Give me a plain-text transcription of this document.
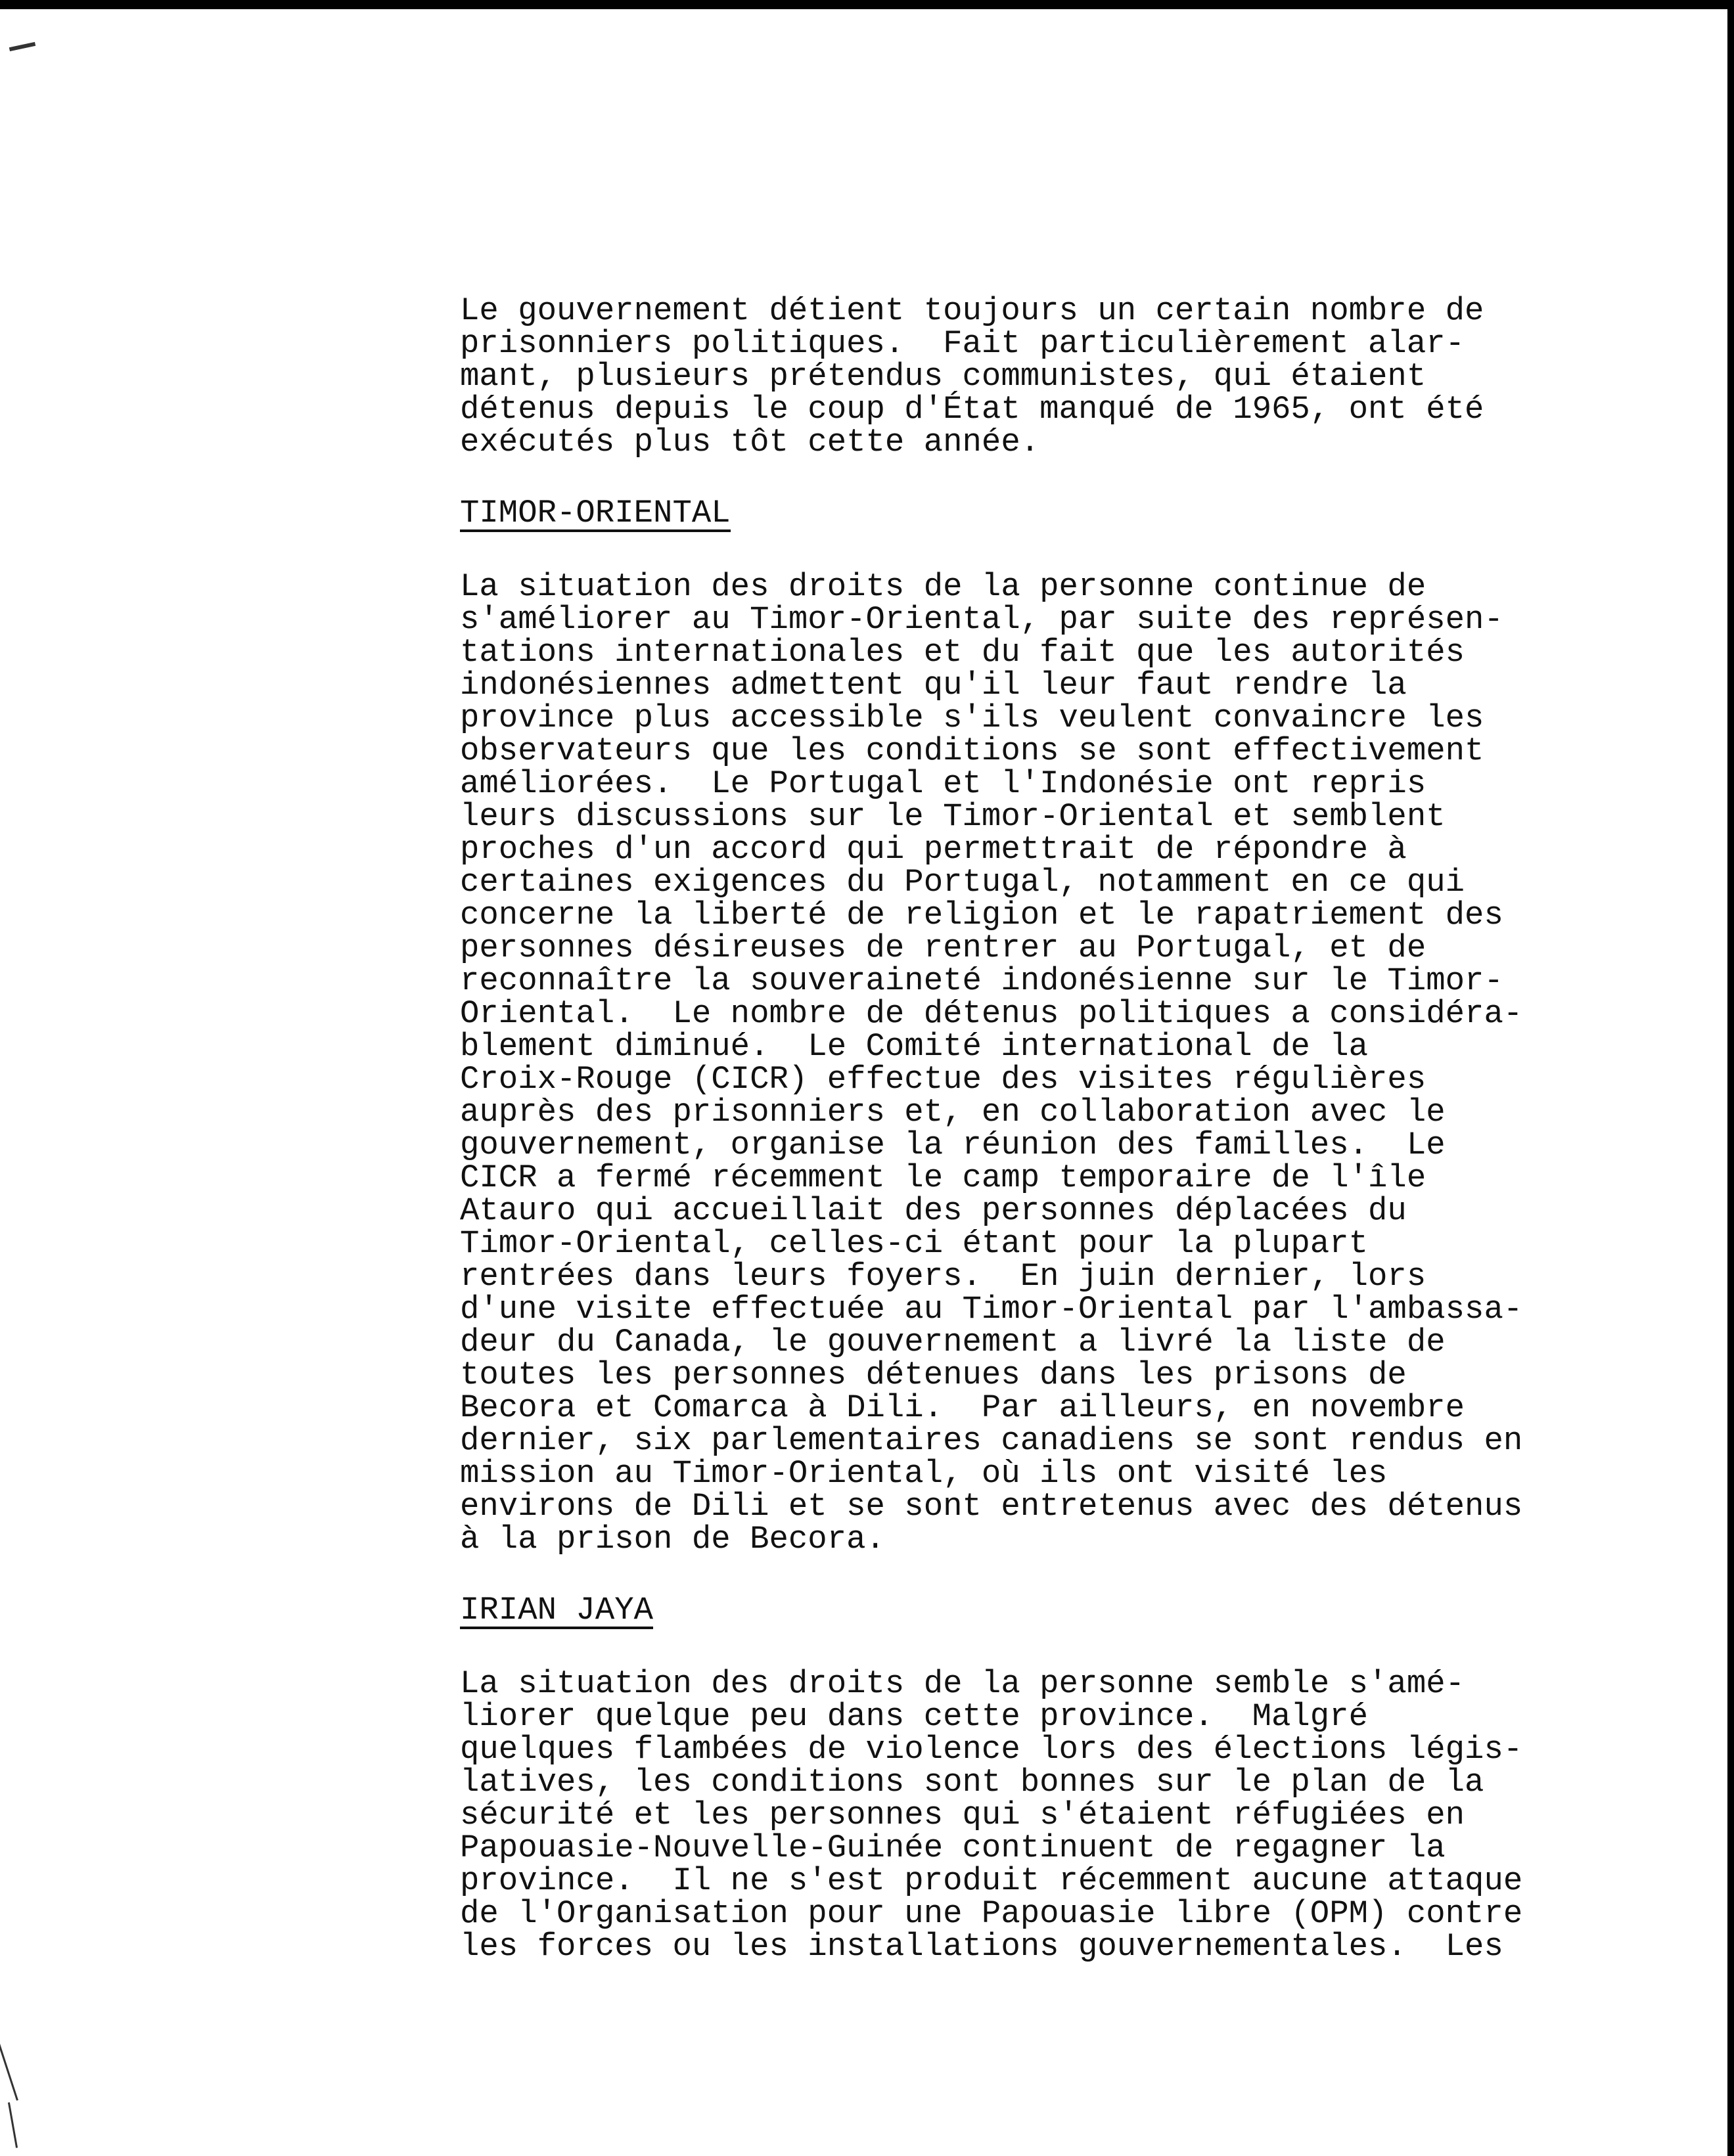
Le gouvernement détient toujours un certain nombre de
prisonniers politiques.  Fait particulièrement alar-
mant, plusieurs prétendus communistes, qui étaient
détenus depuis le coup d'État manqué de 1965, ont été
exécutés plus tôt cette année.
TIMOR-ORIENTAL
La situation des droits de la personne continue de
s'améliorer au Timor-Oriental, par suite des représen-
tations internationales et du fait que les autorités
indonésiennes admettent qu'il leur faut rendre la
province plus accessible s'ils veulent convaincre les
observateurs que les conditions se sont effectivement
améliorées.  Le Portugal et l'Indonésie ont repris
leurs discussions sur le Timor-Oriental et semblent
proches d'un accord qui permettrait de répondre à
certaines exigences du Portugal, notamment en ce qui
concerne la liberté de religion et le rapatriement des
personnes désireuses de rentrer au Portugal, et de
reconnaître la souveraineté indonésienne sur le Timor-
Oriental.  Le nombre de détenus politiques a considéra-
blement diminué.  Le Comité international de la
Croix-Rouge (CICR) effectue des visites régulières
auprès des prisonniers et, en collaboration avec le
gouvernement, organise la réunion des familles.  Le
CICR a fermé récemment le camp temporaire de l'île
Atauro qui accueillait des personnes déplacées du
Timor-Oriental, celles-ci étant pour la plupart
rentrées dans leurs foyers.  En juin dernier, lors
d'une visite effectuée au Timor-Oriental par l'ambassa-
deur du Canada, le gouvernement a livré la liste de
toutes les personnes détenues dans les prisons de
Becora et Comarca à Dili.  Par ailleurs, en novembre
dernier, six parlementaires canadiens se sont rendus en
mission au Timor-Oriental, où ils ont visité les
environs de Dili et se sont entretenus avec des détenus
à la prison de Becora.
IRIAN JAYA
La situation des droits de la personne semble s'amé-
liorer quelque peu dans cette province.  Malgré
quelques flambées de violence lors des élections légis-
latives, les conditions sont bonnes sur le plan de la
sécurité et les personnes qui s'étaient réfugiées en
Papouasie-Nouvelle-Guinée continuent de regagner la
province.  Il ne s'est produit récemment aucune attaque
de l'Organisation pour une Papouasie libre (OPM) contre
les forces ou les installations gouvernementales.  Les
